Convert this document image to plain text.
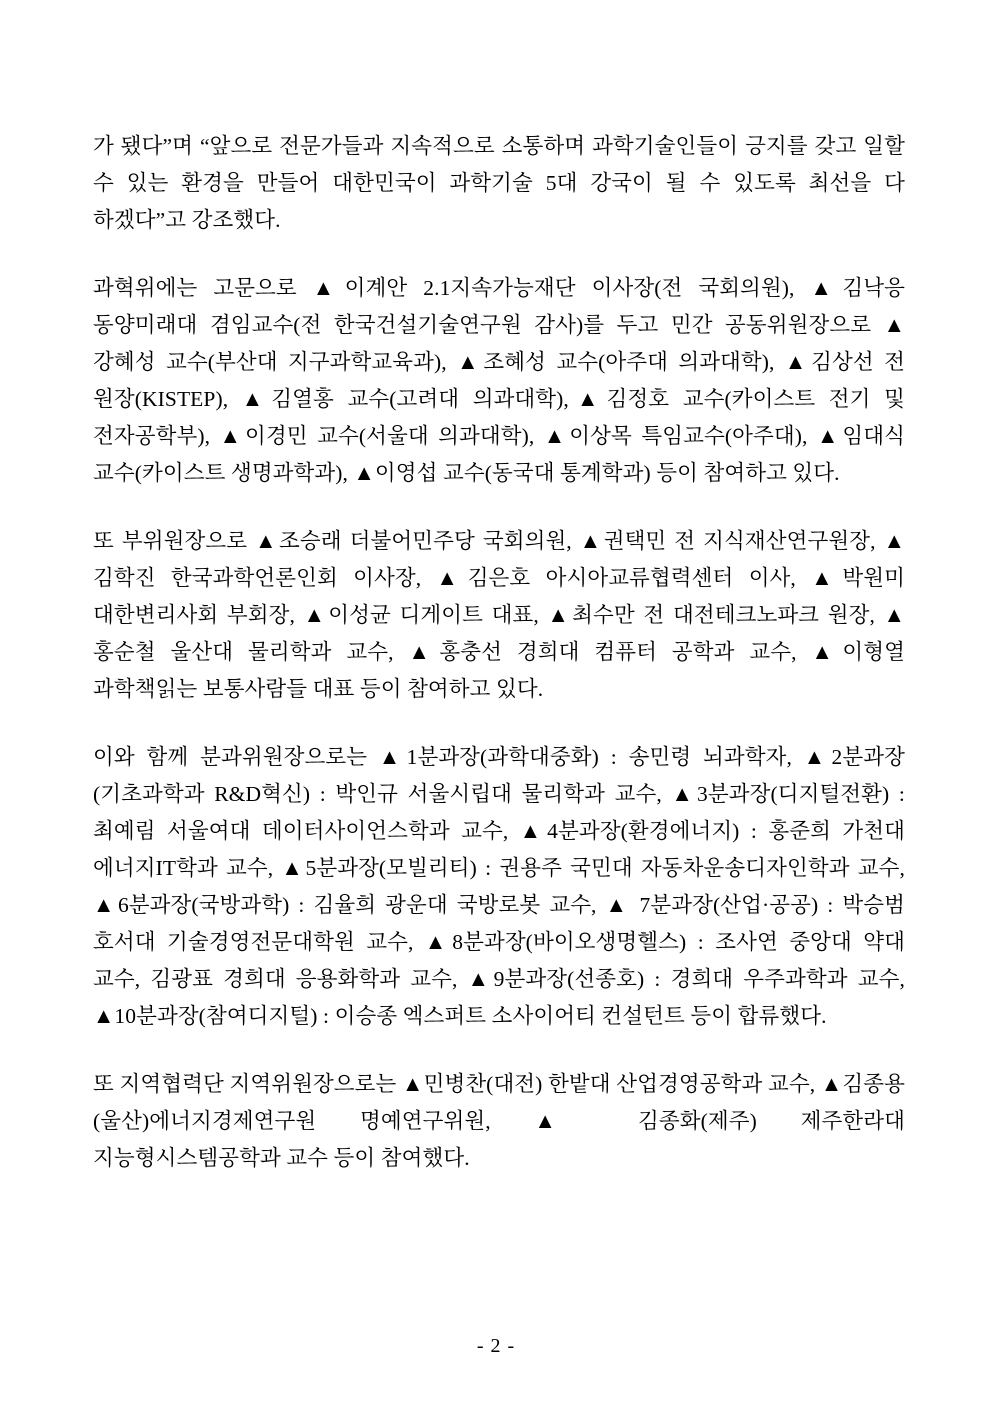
가 됐다”며 “앞으로 전문가들과 지속적으로 소통하며 과학기술인들이 긍지를 갖고 일할 수 있는 환경을 만들어 대한민국이 과학기술 5대 강국이 될 수 있도록 최선을 다 하겠다”고 강조했다.

과혁위에는 고문으로 ▲이계안 2.1지속가능재단 이사장(전 국회의원), ▲김낙응 동양미래대 겸임교수(전 한국건설기술연구원 감사)를 두고 민간 공동위원장으로 ▲강혜성 교수(부산대 지구과학교육과), ▲조혜성 교수(아주대 의과대학), ▲김상선 전 원장(KISTEP), ▲김열홍 교수(고려대 의과대학),▲김정호 교수(카이스트 전기 및 전자공학부), ▲이경민 교수(서울대 의과대학), ▲이상목 특임교수(아주대), ▲임대식 교수(카이스트 생명과학과), ▲이영섭 교수(동국대 통계학과) 등이 참여하고 있다.

또 부위원장으로 ▲조승래 더불어민주당 국회의원, ▲권택민 전 지식재산연구원장, ▲김학진 한국과학언론인회 이사장, ▲김은호 아시아교류협력센터 이사, ▲박원미 대한변리사회 부회장, ▲이성균 디게이트 대표, ▲최수만 전 대전테크노파크 원장, ▲홍순철 울산대 물리학과 교수, ▲홍충선 경희대 컴퓨터 공학과 교수, ▲이형열 과학책읽는 보통사람들 대표 등이 참여하고 있다.

이와 함께 분과위원장으로는 ▲1분과장(과학대중화) : 송민령 뇌과학자, ▲2분과장(기초과학과 R&D혁신) : 박인규 서울시립대 물리학과 교수, ▲3분과장(디지털전환) : 최예림 서울여대 데이터사이언스학과 교수, ▲4분과장(환경에너지) : 홍준희 가천대 에너지IT학과 교수, ▲5분과장(모빌리티) : 권용주 국민대 자동차운송디자인학과 교수, ▲6분과장(국방과학) : 김율희 광운대 국방로봇 교수, ▲ 7분과장(산업·공공) : 박승범 호서대 기술경영전문대학원 교수, ▲8분과장(바이오생명헬스) : 조사연 중앙대 약대 교수, 김광표 경희대 응용화학과 교수, ▲9분과장(선종호) : 경희대 우주과학과 교수, ▲10분과장(참여디지털) : 이승종 엑스퍼트 소사이어티 컨설턴트 등이 합류했다.

또 지역협력단 지역위원장으로는 ▲민병찬(대전) 한밭대 산업경영공학과 교수, ▲김종용(울산)에너지경제연구원 명예연구위원, ▲ 김종화(제주) 제주한라대 지능형시스템공학과 교수 등이 참여했다.

- 2 -
